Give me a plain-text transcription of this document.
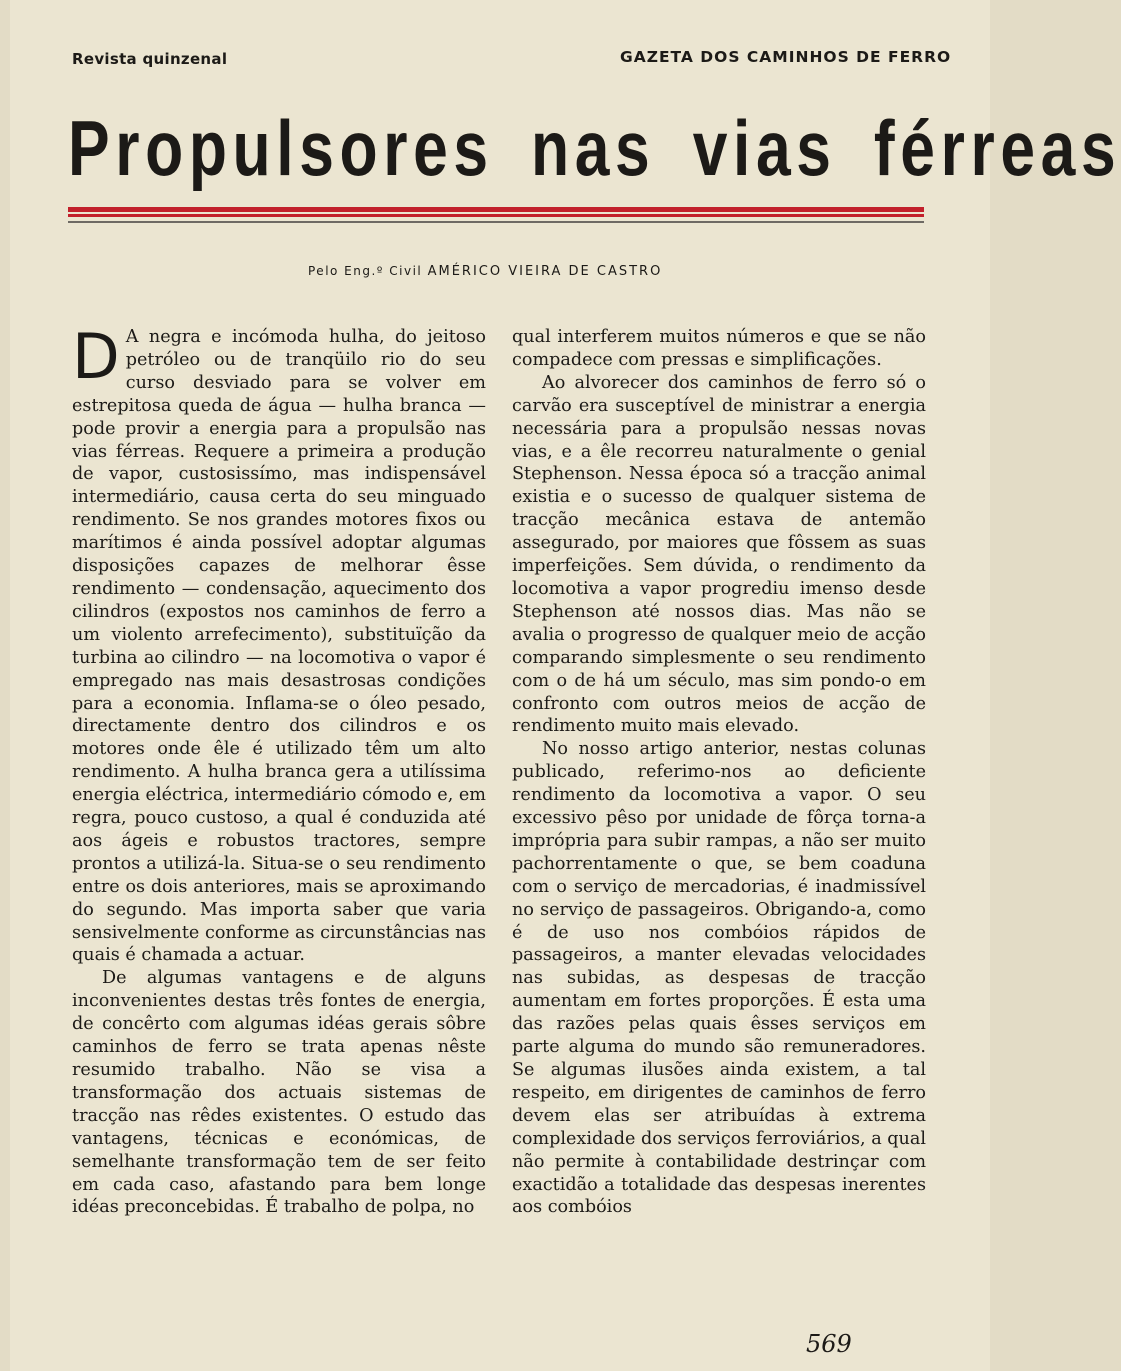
Revista quinzenal	GAZETA DOS CAMINHOS DE FERRO
Propulsores nas vias férreas
Pelo Eng.º Civil AMÉRICO VIEIRA DE CASTRO

D A negra e incómoda hulha, do jeitoso petróleo ou de tranqüilo rio do seu curso desviado para se volver em estrepitosa queda de água — hulha branca — pode provir a energia para a propulsão nas vias férreas. Requere a primeira a produção de vapor, custosissímo, mas indispensável intermediário, causa certa do seu minguado rendimento. Se nos grandes motores fixos ou marítimos é ainda possível adoptar algumas disposições capazes de melhorar êsse rendimento — condensação, aquecimento dos cilindros (expostos nos caminhos de ferro a um violento arrefecimento), substituïção da turbina ao cilindro — na locomotiva o vapor é empregado nas mais desastrosas condições para a economia. Inflama-se o óleo pesado, directamente dentro dos cilindros e os motores onde êle é utilizado têm um alto rendimento. A hulha branca gera a utilíssima energia eléctrica, intermediário cómodo e, em regra, pouco custoso, a qual é conduzida até aos ágeis e robustos tractores, sempre prontos a utilizá-la. Situa-se o seu rendimento entre os dois anteriores, mais se aproximando do segundo. Mas importa saber que varia sensivelmente conforme as circunstâncias nas quais é chamada a actuar.

De algumas vantagens e de alguns inconvenientes destas três fontes de energia, de concêrto com algumas idéas gerais sôbre caminhos de ferro se trata apenas nêste resumido trabalho. Não se visa a transformação dos actuais sistemas de tracção nas rêdes existentes. O estudo das vantagens, técnicas e económicas, de semelhante transformação tem de ser feito em cada caso, afastando para bem longe idéas preconcebidas. É trabalho de polpa, no

qual interferem muitos números e que se não compadece com pressas e simplificações.

Ao alvorecer dos caminhos de ferro só o carvão era susceptível de ministrar a energia necessária para a propulsão nessas novas vias, e a êle recorreu naturalmente o genial Stephenson. Nessa época só a tracção animal existia e o sucesso de qualquer sistema de tracção mecânica estava de antemão assegurado, por maiores que fôssem as suas imperfeições. Sem dúvida, o rendimento da locomotiva a vapor progrediu imenso desde Stephenson até nossos dias. Mas não se avalia o progresso de qualquer meio de acção comparando simplesmente o seu rendimento com o de há um século, mas sim pondo-o em confronto com outros meios de acção de rendimento muito mais elevado.

No nosso artigo anterior, nestas colunas publicado, referimo-nos ao deficiente rendimento da locomotiva a vapor. O seu excessivo pêso por unidade de fôrça torna-a imprópria para subir rampas, a não ser muito pachorrentamente o que, se bem coaduna com o serviço de mercadorias, é inadmissível no serviço de passageiros. Obrigando-a, como é de uso nos combóios rápidos de passageiros, a manter elevadas velocidades nas subidas, as despesas de tracção aumentam em fortes proporções. É esta uma das razões pelas quais êsses serviços em parte alguma do mundo são remuneradores. Se algumas ilusões ainda existem, a tal respeito, em dirigentes de caminhos de ferro devem elas ser atribuídas à extrema complexidade dos serviços ferroviários, a qual não permite à contabilidade destrinçar com exactidão a totalidade das despesas inerentes aos combóios

569
